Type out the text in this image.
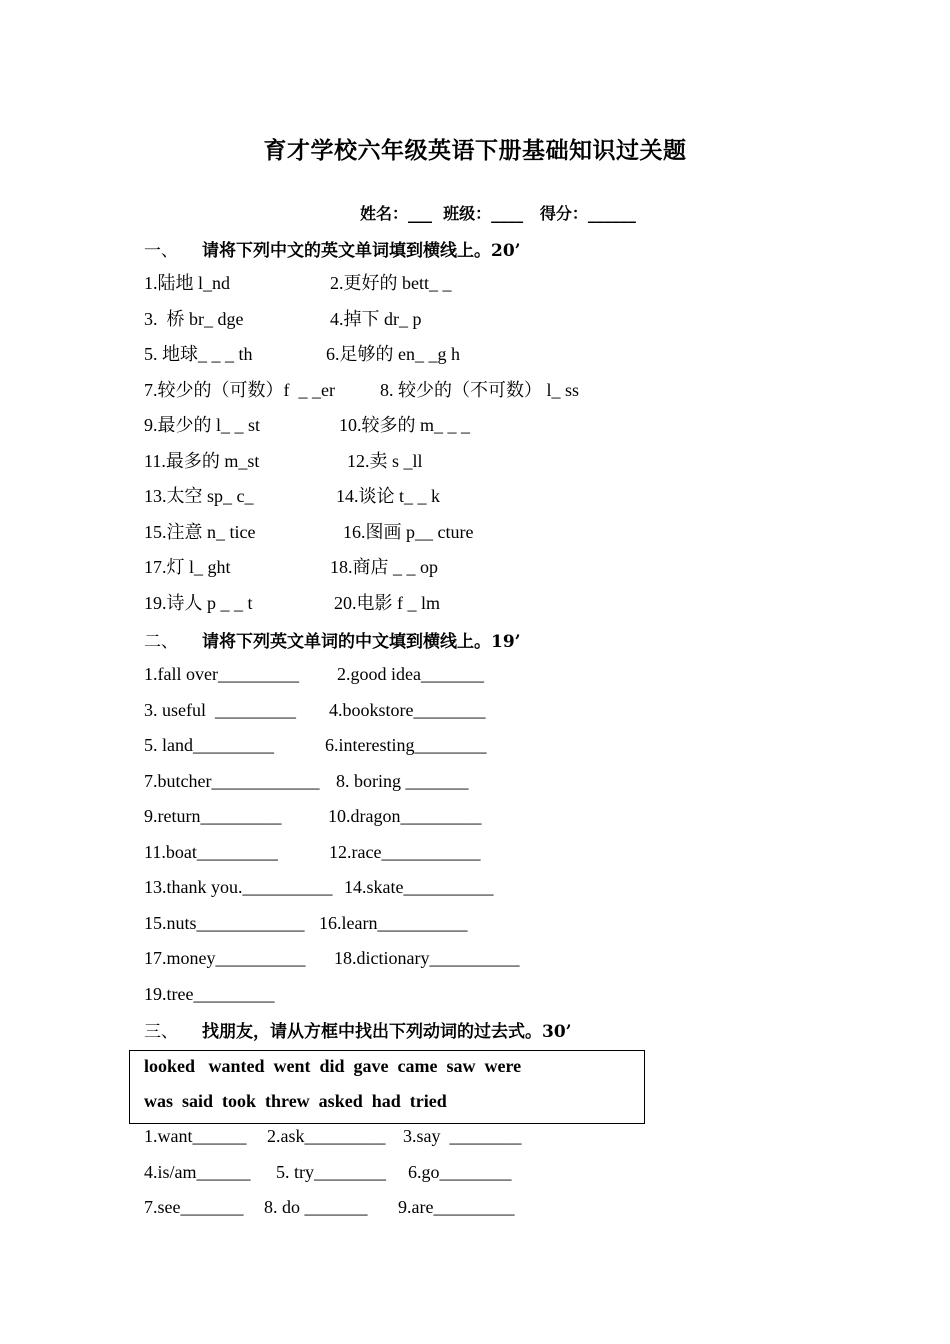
育才学校六年级英语下册基础知识过关题
姓名：___  班级：____   得分：______
一、 请将下列中文的英文单词填到横线上。20’
1.陆地 l_nd	2.更好的 bett_ _
3.  桥 br_ dge	4.掉下 dr_ p
5. 地球_ _ _ th	6.足够的 en_ _g h
7.较少的（可数）f  _ _er	8. 较少的（不可数） l_ ss
9.最少的 l_ _ st	10.较多的 m_ _ _
11.最多的 m_st	12.卖 s _ll
13.太空 sp_ c_	14.谈论 t_ _ k
15.注意 n_ tice	16.图画 p__ cture
17.灯 l_ ght	18.商店 _ _ op
19.诗人 p _ _ t	20.电影 f _ lm
二、 请将下列英文单词的中文填到横线上。19’
1.fall over_________ 2.good idea_______
3. useful  _________ 4.bookstore________
5. land_________	6.interesting________
7.butcher____________ 8. boring _______
9.return_________	10.dragon_________
11.boat_________	12.race___________
13.thank you.__________ 14.skate__________
15.nuts____________ 16.learn__________
17.money__________ 18.dictionary__________
19.tree_________
三、 找朋友，请从方框中找出下列动词的过去式。30’
looked   wanted  went  did  gave  came  saw  were
was  said  took  threw  asked  had  tried
1.want______ 2.ask_________ 3.say  ________
4.is/am______ 5. try________ 6.go________
7.see_______ 8. do _______ 9.are_________
